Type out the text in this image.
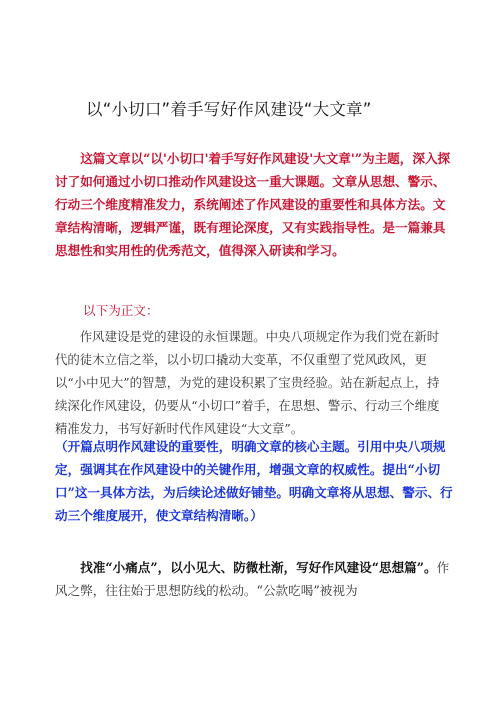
以“小切口”着手写好作风建设“大文章”

这篇文章以“以'小切口'着手写好作风建设'大文章'”为主题，深入探讨了如何通过小切口推动作风建设这一重大课题。文章从思想、警示、行动三个维度精准发力，系统阐述了作风建设的重要性和具体方法。文章结构清晰，逻辑严谨，既有理论深度，又有实践指导性。是一篇兼具思想性和实用性的优秀范文，值得深入研读和学习。

以下为正文：

作风建设是党的建设的永恒课题。中央八项规定作为我们党在新时代的徒木立信之举，以小切口撬动大变革，不仅重塑了党风政风，更以“小中见大”的智慧，为党的建设积累了宝贵经验。站在新起点上，持续深化作风建设，仍要从“小切口”着手，在思想、警示、行动三个维度精准发力，书写好新时代作风建设“大文章”。

（开篇点明作风建设的重要性，明确文章的核心主题。引用中央八项规定，强调其在作风建设中的关键作用，增强文章的权威性。提出“小切口”这一具体方法，为后续论述做好铺垫。明确文章将从思想、警示、行动三个维度展开，使文章结构清晰。）

找准“小痛点”，以小见大、防微杜渐，写好作风建设“思想篇”。作风之弊，往往始于思想防线的松动。“公款吃喝”被视为
